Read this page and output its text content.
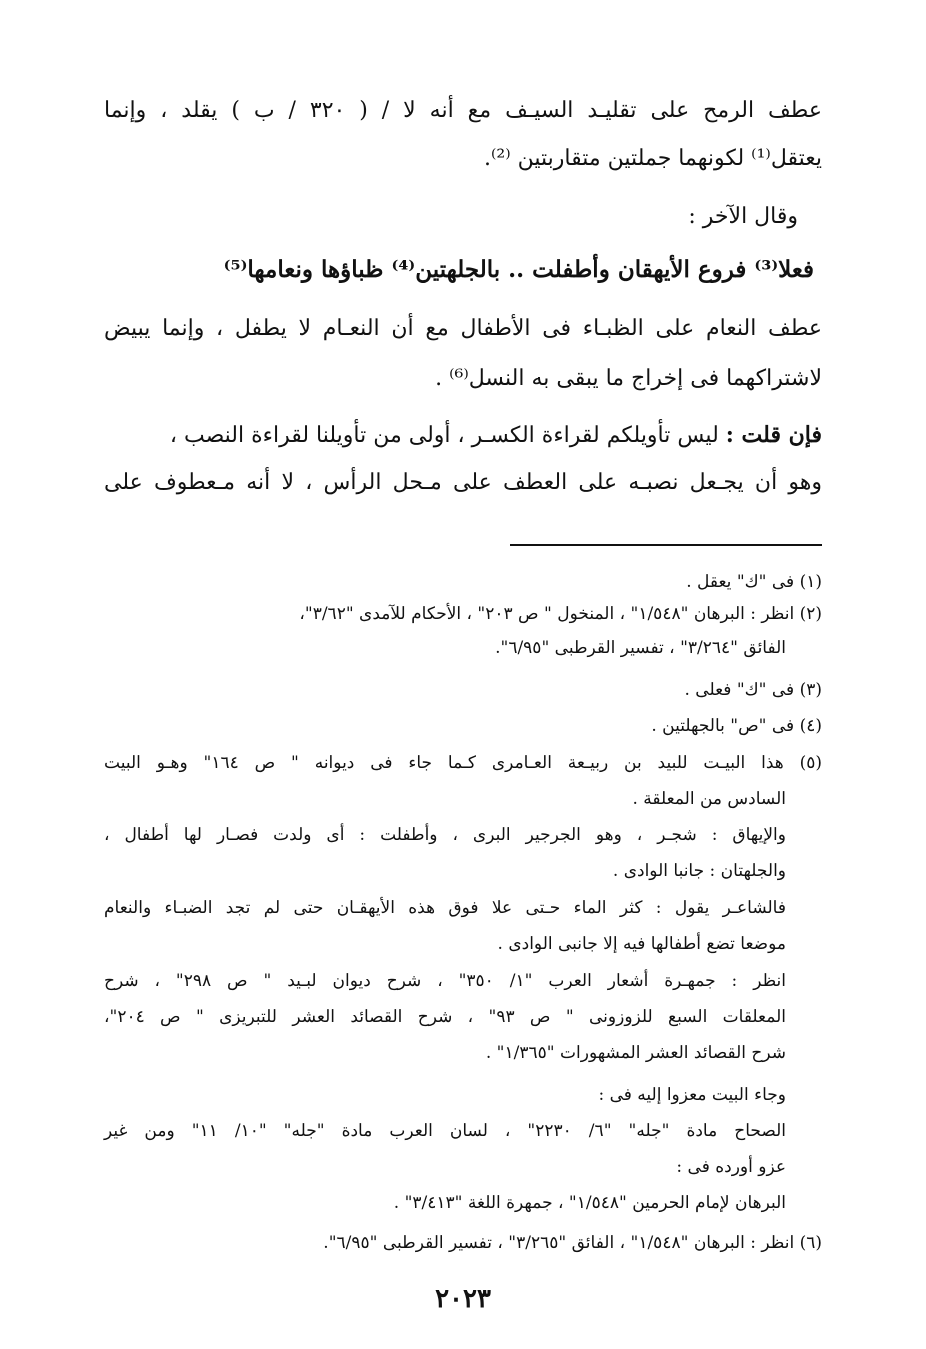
عطف الرمح على تقليـد السيـف مع أنه لا / ( ٣٢٠ / ب ) يقلد ، وإنما
يعتقل⁽¹⁾ لكونهما جملتين متقاربتين ⁽²⁾.
وقال الآخر :
فعلا⁽³⁾ فروع الأيهقان وأطفلت .. بالجلهتين⁽⁴⁾ ظباؤها ونعامها⁽⁵⁾
عطف النعام على الظبـاء فى الأطفال مع أن النعـام لا يطفل ، وإنما يبيض
لاشتراكهما فى إخراج ما يبقى به النسل⁽⁶⁾ .
فإن قلت : ليس تأويلكم لقراءة الكسـر ، أولى من تأويلنا لقراءة النصب ،
وهو أن يجـعل نصبـه على العطف على مـحل الرأس ، لا أنه مـعطوف على
(١) فى "ك" يعقل .
(٢) انظر : البرهان "١/٥٤٨" ، المنخول " ص ٢٠٣" ، الأحكام للآمدى "٣/٦٢"،
الفائق "٣/٢٦٤" ، تفسير القرطبى "٦/٩٥".
(٣) فى "ك" فعلى .
(٤) فى "ص" بالجهلتين .
(٥) هذا البيـت للبيد بن ربيـعة العـامرى كـما جاء فى ديوانه " ص ١٦٤" وهـو البيت
السادس من المعلقة .
والإيهاق : شجـر ، وهو الجرجير البرى ، وأطفلت : أى ولدت فصـار لها أطفال ،
والجلهتان : جانبا الوادى .
فالشاعـر يقول : كثر الماء حـتى علا فوق هذه الأيهقـان حتى لم تجد الضبـاء والنعام
موضعا تضع أطفالها فيه إلا جانبى الوادى .
انظر : جمهـرة أشعار العرب "١/ ٣٥٠" ، شرح ديوان لبـيد " ص ٢٩٨" ، شرح
المعلقات السبع للزوزونى " ص ٩٣" ، شرح القصائد العشر للتبريزى " ص ٢٠٤"،
شرح القصائد العشر المشهورات "١/٣٦٥" .
وجاء البيت معزوا إليه فى :
الصحاح مادة "جله" "٦/ ٢٢٣٠" ، لسان العرب مادة "جله" "١٠/ ١١" ومن غير
عزو أورده فى :
البرهان لإمام الحرمين "١/٥٤٨" ، جمهرة اللغة "٣/٤١٣" .
(٦) انظر : البرهان "١/٥٤٨" ، الفائق "٣/٢٦٥" ، تفسير القرطبى "٦/٩٥".
٢٠٢٣
